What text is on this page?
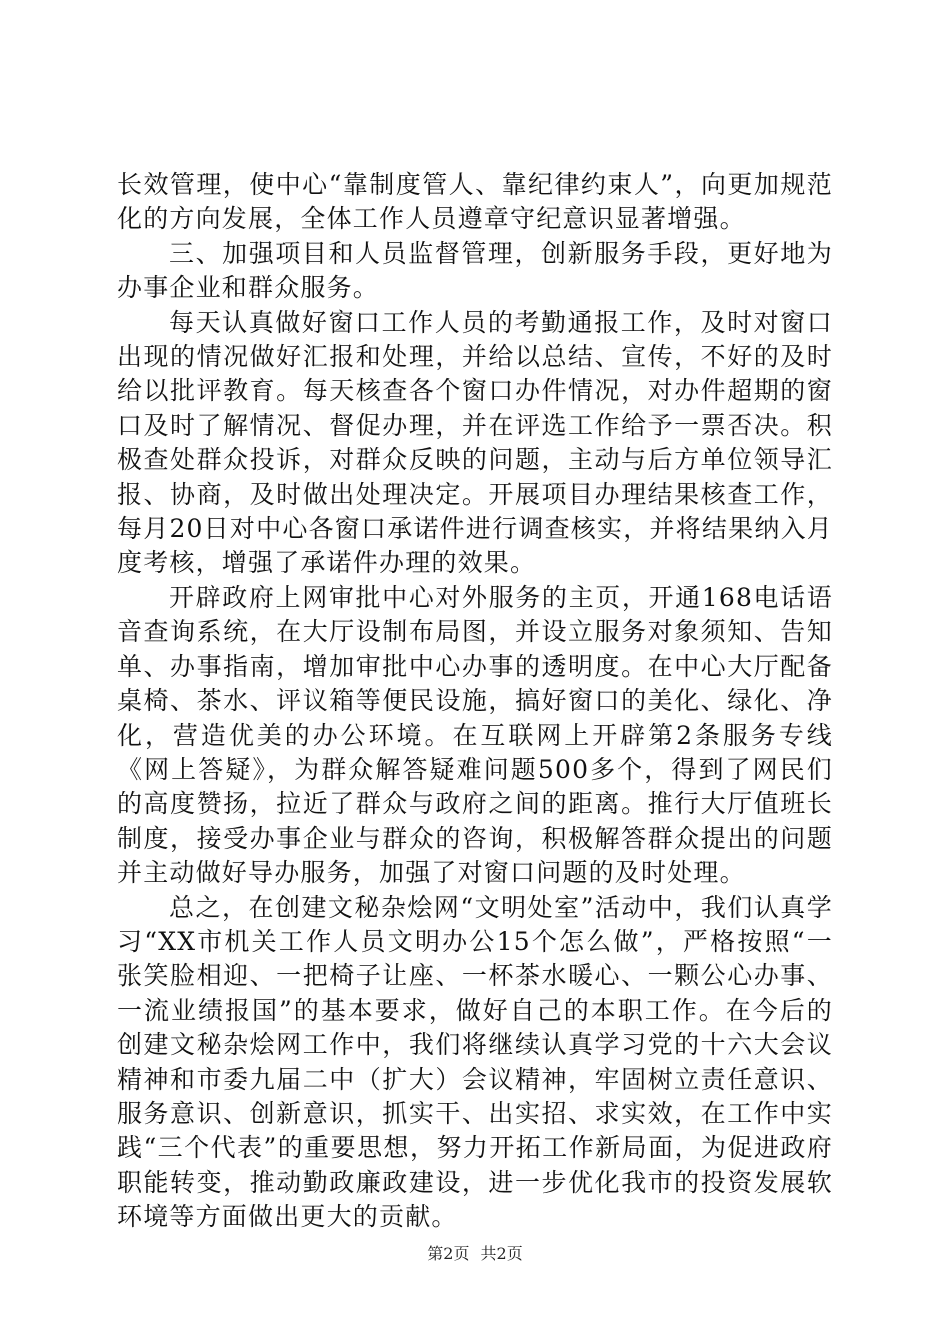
长效管理，使中心“靠制度管人、靠纪律约束人”，向更加规范化的方向发展，全体工作人员遵章守纪意识显著增强。

三、加强项目和人员监督管理，创新服务手段，更好地为办事企业和群众服务。

每天认真做好窗口工作人员的考勤通报工作，及时对窗口出现的情况做好汇报和处理，并给以总结、宣传，不好的及时给以批评教育。每天核查各个窗口办件情况，对办件超期的窗口及时了解情况、督促办理，并在评选工作给予一票否决。积极查处群众投诉，对群众反映的问题，主动与后方单位领导汇报、协商，及时做出处理决定。开展项目办理结果核查工作，每月20日对中心各窗口承诺件进行调查核实，并将结果纳入月度考核，增强了承诺件办理的效果。

开辟政府上网审批中心对外服务的主页，开通168电话语音查询系统，在大厅设制布局图，并设立服务对象须知、告知单、办事指南，增加审批中心办事的透明度。在中心大厅配备桌椅、茶水、评议箱等便民设施，搞好窗口的美化、绿化、净化，营造优美的办公环境。在互联网上开辟第2条服务专线《网上答疑》，为群众解答疑难问题500多个，得到了网民们的高度赞扬，拉近了群众与政府之间的距离。推行大厅值班长制度，接受办事企业与群众的咨询，积极解答群众提出的问题并主动做好导办服务，加强了对窗口问题的及时处理。

总之，在创建文秘杂烩网“文明处室”活动中，我们认真学习“XX市机关工作人员文明办公15个怎么做”，严格按照“一张笑脸相迎、一把椅子让座、一杯茶水暖心、一颗公心办事、一流业绩报国”的基本要求，做好自己的本职工作。在今后的创建文秘杂烩网工作中，我们将继续认真学习党的十六大会议精神和市委九届二中（扩大）会议精神，牢固树立责任意识、服务意识、创新意识，抓实干、出实招、求实效，在工作中实践“三个代表”的重要思想，努力开拓工作新局面，为促进政府职能转变，推动勤政廉政建设，进一步优化我市的投资发展软环境等方面做出更大的贡献。

第2页 共2页
